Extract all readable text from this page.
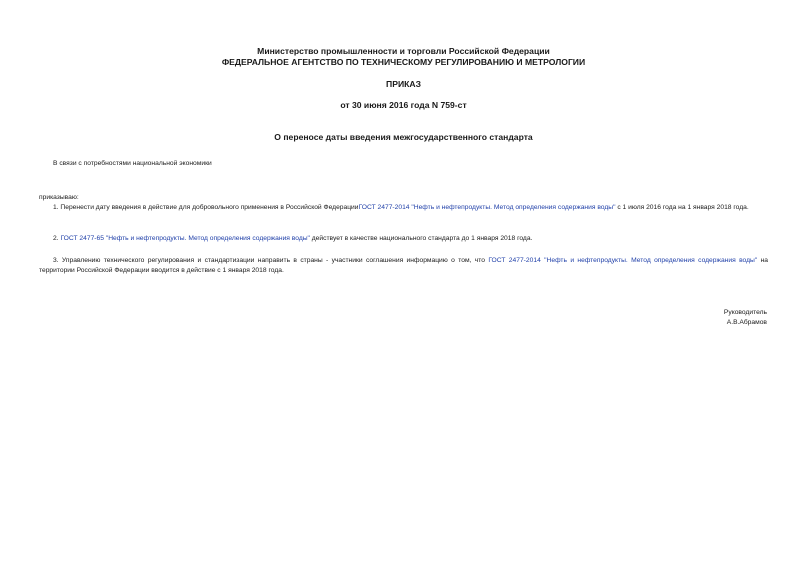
Министерство промышленности и торговли Российской Федерации
ФЕДЕРАЛЬНОЕ АГЕНТСТВО ПО ТЕХНИЧЕСКОМУ РЕГУЛИРОВАНИЮ И МЕТРОЛОГИИ
ПРИКАЗ
от 30 июня 2016 года N 759-ст
О переносе даты введения межгосударственного стандарта
В связи с потребностями национальной экономики
приказываю:
1. Перенести дату введения в действие для добровольного применения в Российской ФедерацииГОСТ 2477-2014 "Нефть и нефтепродукты. Метод определения содержания воды" с 1 июля 2016 года на 1 января 2018 года.
2. ГОСТ 2477-65 "Нефть и нефтепродукты. Метод определения содержания воды" действует в качестве национального стандарта до 1 января 2018 года.
3. Управлению технического регулирования и стандартизации направить в страны - участники соглашения информацию о том, что ГОСТ 2477-2014 "Нефть и нефтепродукты. Метод определения содержания воды" на территории Российской Федерации вводится в действие с 1 января 2018 года.
Руководитель
А.В.Абрамов
